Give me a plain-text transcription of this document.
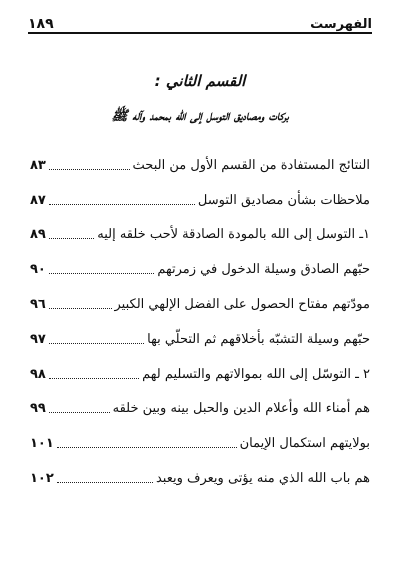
١٨٩	الفهرست
القسم الثاني :
بركات ومصاديق التوسل إلى الله بمحمد وآله ﷺ
النتائج المستفادة من القسم الأول من البحث
٨٣
ملاحظات بشأن مصاديق التوسل
٨٧
١ـ التوسل إلى الله بالمودة الصادقة لأحب خلقه إليه
٨٩
حبّهم الصادق وسيلة الدخول في زمرتهم
٩٠
مودّتهم مفتاح الحصول على الفضل الإلهي الكبير
٩٦
حبّهم وسيلة التشبّه بأخلاقهم ثم التحلّي بها
٩٧
٢ ـ التوسّل إلى الله بموالاتهم والتسليم لهم
٩٨
هم أمناء الله وأعلام الدين والحبل بينه وبين خلقه
٩٩
بولايتهم استكمال الإيمان
١٠١
هم باب الله الذي منه يؤتى ويعرف ويعبد
١٠٢
